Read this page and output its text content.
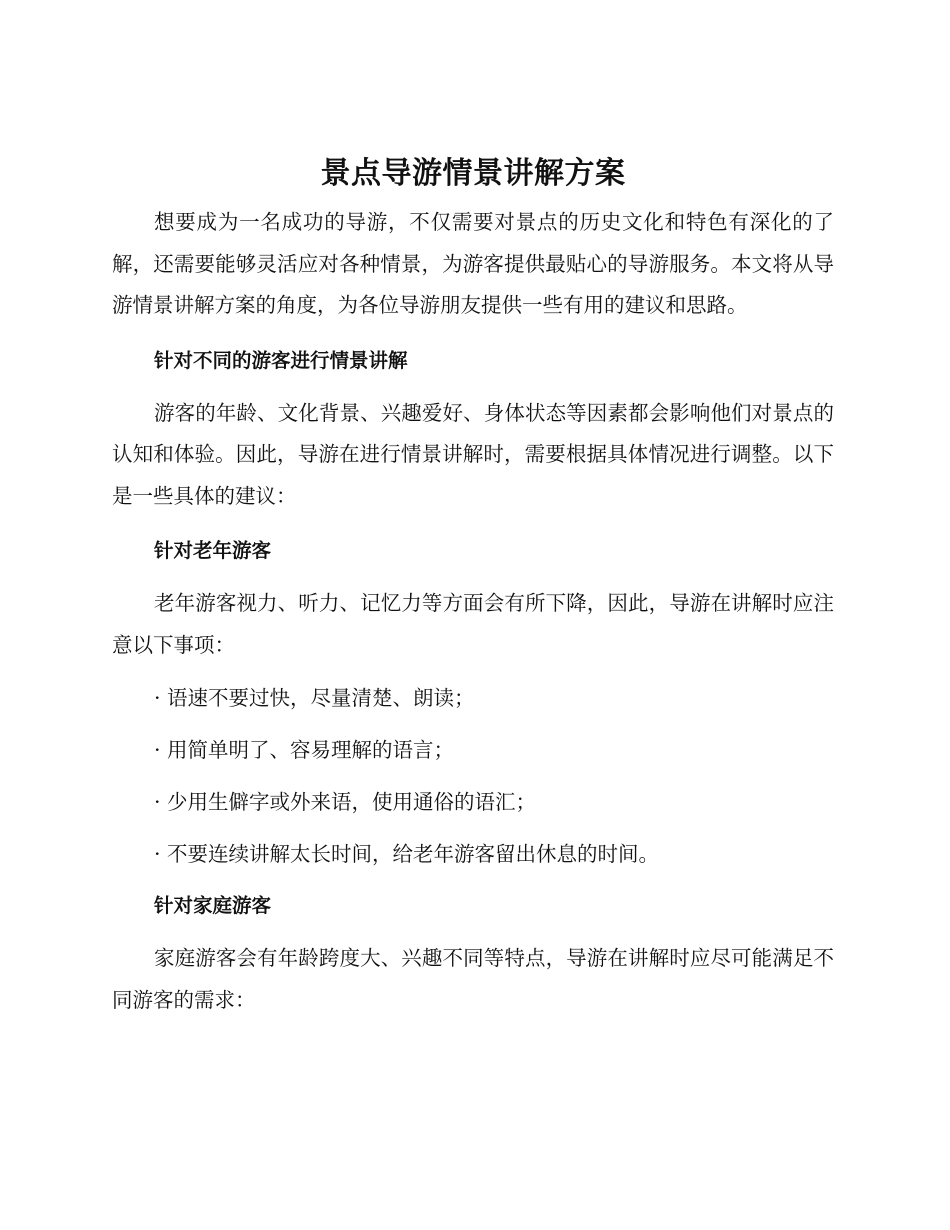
景点导游情景讲解方案

想要成为一名成功的导游，不仅需要对景点的历史文化和特色有深化的了解，还需要能够灵活应对各种情景，为游客提供最贴心的导游服务。本文将从导游情景讲解方案的角度，为各位导游朋友提供一些有用的建议和思路。

针对不同的游客进行情景讲解

游客的年龄、文化背景、兴趣爱好、身体状态等因素都会影响他们对景点的认知和体验。因此，导游在进行情景讲解时，需要根据具体情况进行调整。以下是一些具体的建议：

针对老年游客

老年游客视力、听力、记忆力等方面会有所下降，因此，导游在讲解时应注意以下事项：

· 语速不要过快，尽量清楚、朗读；

· 用简单明了、容易理解的语言；

· 少用生僻字或外来语，使用通俗的语汇；

· 不要连续讲解太长时间，给老年游客留出休息的时间。

针对家庭游客

家庭游客会有年龄跨度大、兴趣不同等特点，导游在讲解时应尽可能满足不同游客的需求：
